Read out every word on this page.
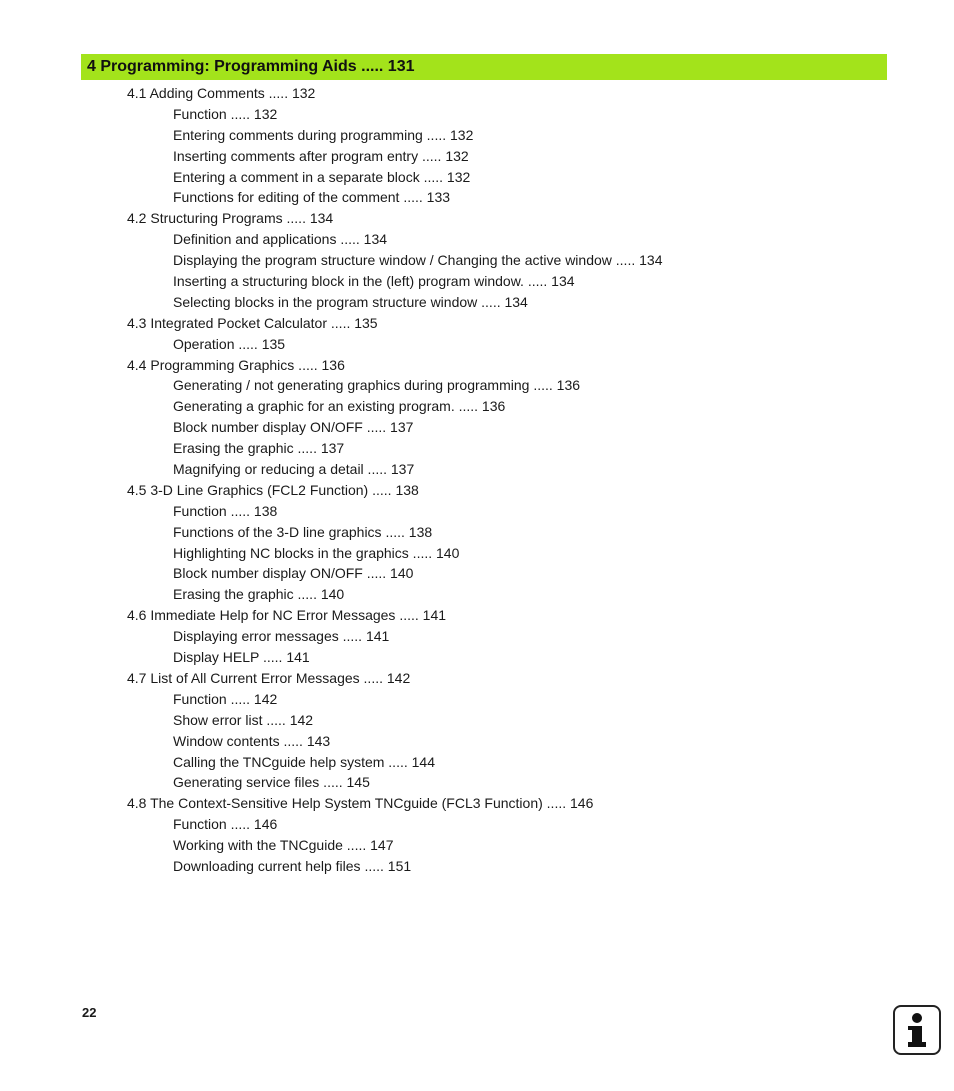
4 Programming: Programming Aids ..... 131
4.1 Adding Comments ..... 132
Function ..... 132
Entering comments during programming ..... 132
Inserting comments after program entry ..... 132
Entering a comment in a separate block ..... 132
Functions for editing of the comment ..... 133
4.2 Structuring Programs ..... 134
Definition and applications ..... 134
Displaying the program structure window / Changing the active window ..... 134
Inserting a structuring block in the (left) program window. ..... 134
Selecting blocks in the program structure window ..... 134
4.3 Integrated Pocket Calculator ..... 135
Operation ..... 135
4.4 Programming Graphics ..... 136
Generating / not generating graphics during programming ..... 136
Generating a graphic for an existing program. ..... 136
Block number display ON/OFF ..... 137
Erasing the graphic ..... 137
Magnifying or reducing a detail ..... 137
4.5 3-D Line Graphics (FCL2 Function) ..... 138
Function ..... 138
Functions of the 3-D line graphics ..... 138
Highlighting NC blocks in the graphics ..... 140
Block number display ON/OFF ..... 140
Erasing the graphic ..... 140
4.6 Immediate Help for NC Error Messages ..... 141
Displaying error messages ..... 141
Display HELP ..... 141
4.7 List of All Current Error Messages ..... 142
Function ..... 142
Show error list ..... 142
Window contents ..... 143
Calling the TNCguide help system ..... 144
Generating service files ..... 145
4.8 The Context-Sensitive Help System TNCguide (FCL3 Function) ..... 146
Function ..... 146
Working with the TNCguide ..... 147
Downloading current help files ..... 151
22
